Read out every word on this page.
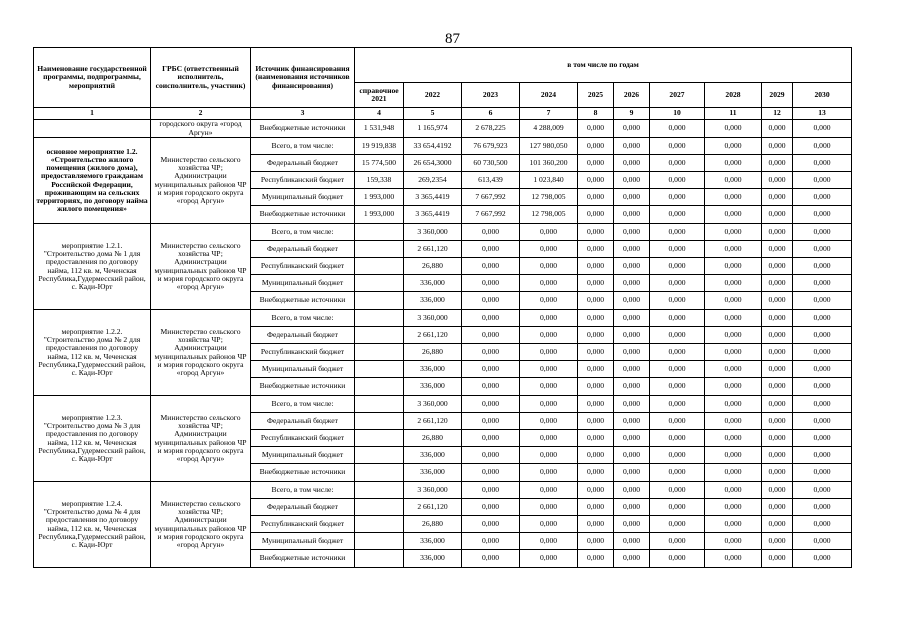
87
Наименование государственной программы, подпрограммы, мероприятий	ГРБС (ответственный исполнитель, соисполнитель, участник)	Источник финансирования (наименования источников финансирования)	в том числе по годам									
			справочное 2021	2022	2023	2024	2025	2026	2027	2028	2029	2030
1	2	3	4	5	6	7	8	9	10	11	12	13
	городского округа «город Аргун»	Внебюджетные источники	1 531,948	1 165,974	2 678,225	4 288,009	0,000	0,000	0,000	0,000	0,000	0,000
основное мероприятие 1.2. «Строительство жилого помещения (жилого дома), предоставляемого гражданам Российской Федерации, проживающим на сельских территориях, по договору найма жилого помещения»	Министерство сельского хозяйства ЧР; Администрации муниципальных районов ЧР и мэрия городского округа «город Аргун»	Всего, в том числе:	19 919,838	33 654,4192	76 679,923	127 980,050	0,000	0,000	0,000	0,000	0,000	0,000
		Федеральный бюджет	15 774,500	26 654,3000	60 730,500	101 360,200	0,000	0,000	0,000	0,000	0,000	0,000
		Республиканский бюджет	159,338	269,2354	613,439	1 023,840	0,000	0,000	0,000	0,000	0,000	0,000
		Муниципальный бюджет	1 993,000	3 365,4419	7 667,992	12 798,005	0,000	0,000	0,000	0,000	0,000	0,000
		Внебюджетные источники	1 993,000	3 365,4419	7 667,992	12 798,005	0,000	0,000	0,000	0,000	0,000	0,000
мероприятие 1.2.1. "Строительство дома № 1 для предоставления по договору найма, 112 кв. м, Чеченская Республика,Гудермесский район, с. Кади-Юрт	Министерство сельского хозяйства ЧР; Администрации муниципальных районов ЧР и мэрия городского округа «город Аргун»	Всего, в том числе:		3 360,000	0,000	0,000	0,000	0,000	0,000	0,000	0,000	0,000
		Федеральный бюджет		2 661,120	0,000	0,000	0,000	0,000	0,000	0,000	0,000	0,000
		Республиканский бюджет		26,880	0,000	0,000	0,000	0,000	0,000	0,000	0,000	0,000
		Муниципальный бюджет		336,000	0,000	0,000	0,000	0,000	0,000	0,000	0,000	0,000
		Внебюджетные источники		336,000	0,000	0,000	0,000	0,000	0,000	0,000	0,000	0,000
мероприятие 1.2.2. "Строительство дома № 2 для предоставления по договору найма, 112 кв. м, Чеченская Республика,Гудермесский район, с. Кади-Юрт	Министерство сельского хозяйства ЧР; Администрации муниципальных районов ЧР и мэрия городского округа «город Аргун»	Всего, в том числе:		3 360,000	0,000	0,000	0,000	0,000	0,000	0,000	0,000	0,000
		Федеральный бюджет		2 661,120	0,000	0,000	0,000	0,000	0,000	0,000	0,000	0,000
		Республиканский бюджет		26,880	0,000	0,000	0,000	0,000	0,000	0,000	0,000	0,000
		Муниципальный бюджет		336,000	0,000	0,000	0,000	0,000	0,000	0,000	0,000	0,000
		Внебюджетные источники		336,000	0,000	0,000	0,000	0,000	0,000	0,000	0,000	0,000
мероприятие 1.2.3. "Строительство дома № 3 для предоставления по договору найма, 112 кв. м, Чеченская Республика,Гудермесский район, с. Кади-Юрт	Министерство сельского хозяйства ЧР; Администрации муниципальных районов ЧР и мэрия городского округа «город Аргун»	Всего, в том числе:		3 360,000	0,000	0,000	0,000	0,000	0,000	0,000	0,000	0,000
		Федеральный бюджет		2 661,120	0,000	0,000	0,000	0,000	0,000	0,000	0,000	0,000
		Республиканский бюджет		26,880	0,000	0,000	0,000	0,000	0,000	0,000	0,000	0,000
		Муниципальный бюджет		336,000	0,000	0,000	0,000	0,000	0,000	0,000	0,000	0,000
		Внебюджетные источники		336,000	0,000	0,000	0,000	0,000	0,000	0,000	0,000	0,000
мероприятие 1.2.4. "Строительство дома № 4 для предоставления по договору найма, 112 кв. м, Чеченская Республика,Гудермесский район, с. Кади-Юрт	Министерство сельского хозяйства ЧР; Администрации муниципальных районов ЧР и мэрия городского округа «город Аргун»	Всего, в том числе:		3 360,000	0,000	0,000	0,000	0,000	0,000	0,000	0,000	0,000
		Федеральный бюджет		2 661,120	0,000	0,000	0,000	0,000	0,000	0,000	0,000	0,000
		Республиканский бюджет		26,880	0,000	0,000	0,000	0,000	0,000	0,000	0,000	0,000
		Муниципальный бюджет		336,000	0,000	0,000	0,000	0,000	0,000	0,000	0,000	0,000
		Внебюджетные источники		336,000	0,000	0,000	0,000	0,000	0,000	0,000	0,000	0,000
